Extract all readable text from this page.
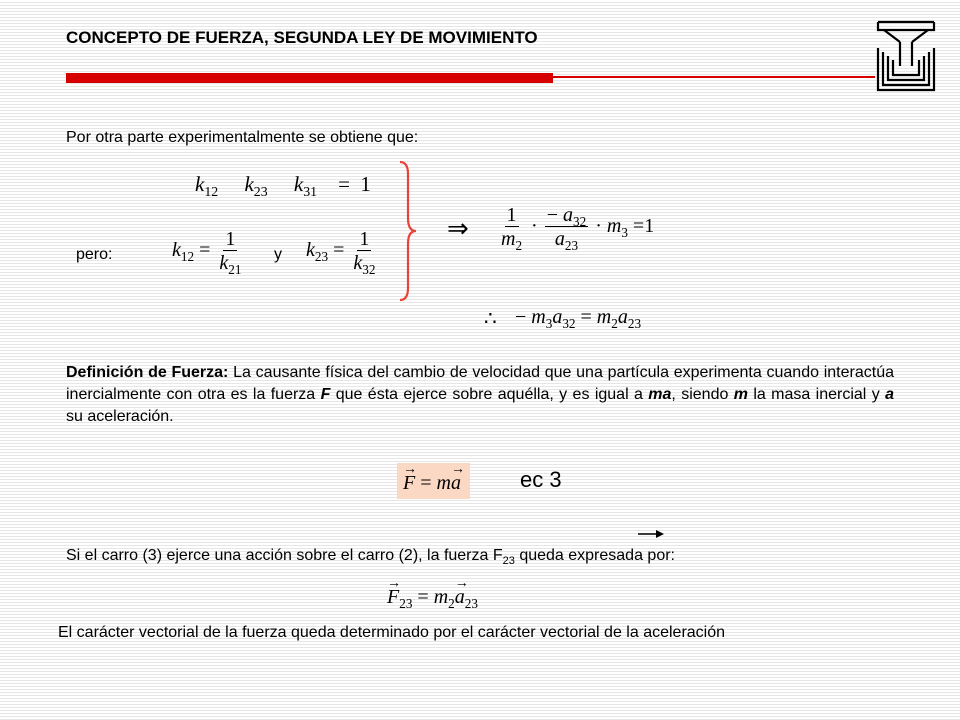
CONCEPTO DE FUERZA, SEGUNDA LEY DE MOVIMIENTO
Por otra parte experimentalmente se obtiene que:
$k_{12}$ $k_{23}$ $k_{31} = 1$
pero:	$k_{12} = \frac{1}{k_{21}}$ y $k_{23} = \frac{1}{k_{32}}$	⇒ $\frac{1}{m_2} \cdot \frac{- a_{32}}{a_{23}} \cdot m_3 =1$
∴ − $m_3a_{32} = m_2a_{23}$
Definición de Fuerza: La causante física del cambio de velocidad que una partícula experimenta cuando interactúa inercialmente con otra es la fuerza F que ésta ejerce sobre aquélla, y es igual a ma, siendo m la masa inercial y a su aceleración.
→ F = m→ a	ec 3
Si el carro (3) ejerce una acción sobre el carro (2), la fuerza $F_{23}$ queda expresada por:
→ $F_{23} = m_2\to a_{23}$
El carácter vectorial de la fuerza queda determinado por el carácter vectorial de la aceleración
